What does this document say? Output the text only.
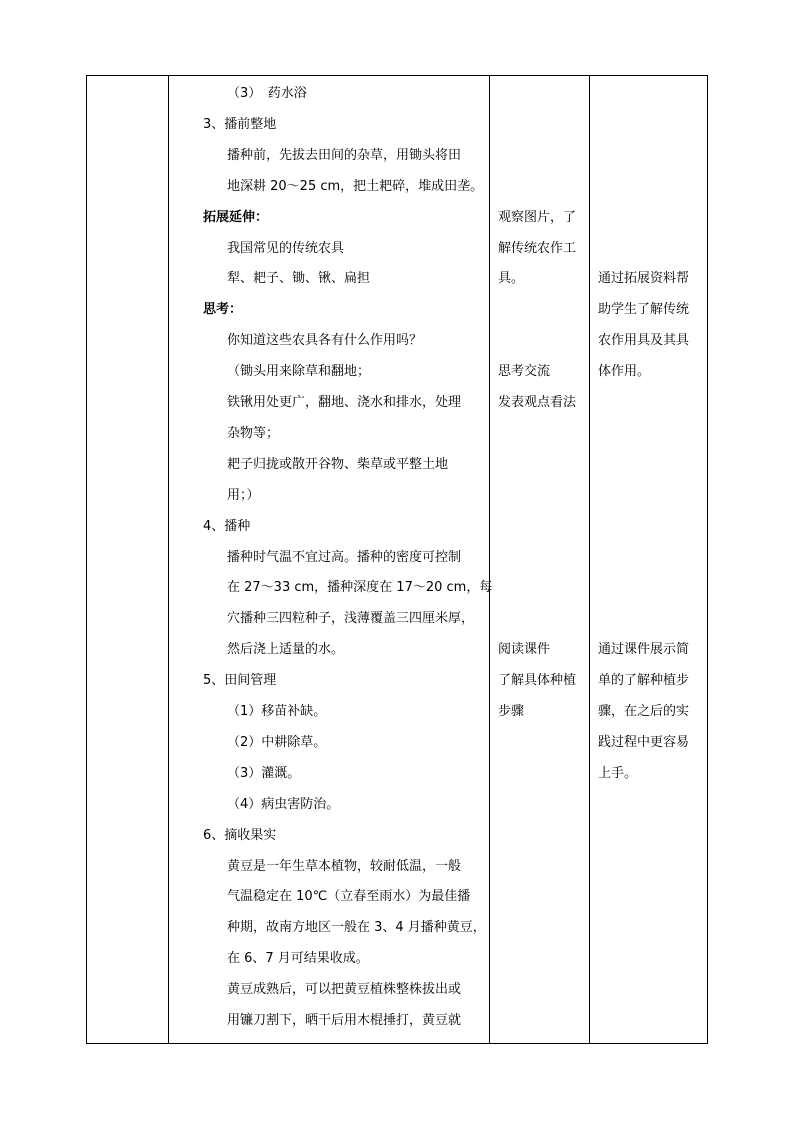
（3）　药水浴
3、播前整地
播种前，先拔去田间的杂草，用锄头将田
地深耕 20～25 cm，把土耙碎，堆成田垄。
拓展延伸：
我国常见的传统农具
犁、耙子、锄、锹、扁担
思考：
你知道这些农具各有什么作用吗？
（锄头用来除草和翻地；
铁锹用处更广，翻地、浇水和排水，处理
杂物等；
耙子归拢或散开谷物、柴草或平整土地
用；）
4、播种
播种时气温不宜过高。播种的密度可控制
在 27～33 cm，播种深度在 17～20 cm，每
穴播种三四粒种子，浅薄覆盖三四厘米厚，
然后浇上适量的水。
5、田间管理
（1）移苗补缺。
（2）中耕除草。
（3）灌溉。
（4）病虫害防治。
6、摘收果实
黄豆是一年生草本植物，较耐低温，一般
气温稳定在 10℃（立春至雨水）为最佳播
种期，故南方地区一般在 3、4 月播种黄豆，
在 6、7 月可结果收成。
黄豆成熟后，可以把黄豆植株整株拔出或
用镰刀割下，晒干后用木棍捶打，黄豆就
观察图片，了
解传统农作工
具。
思考交流
发表观点看法
阅读课件
了解具体种植
步骤
通过拓展资料帮
助学生了解传统
农作用具及其具
体作用。
通过课件展示简
单的了解种植步
骤，在之后的实
践过程中更容易
上手。
